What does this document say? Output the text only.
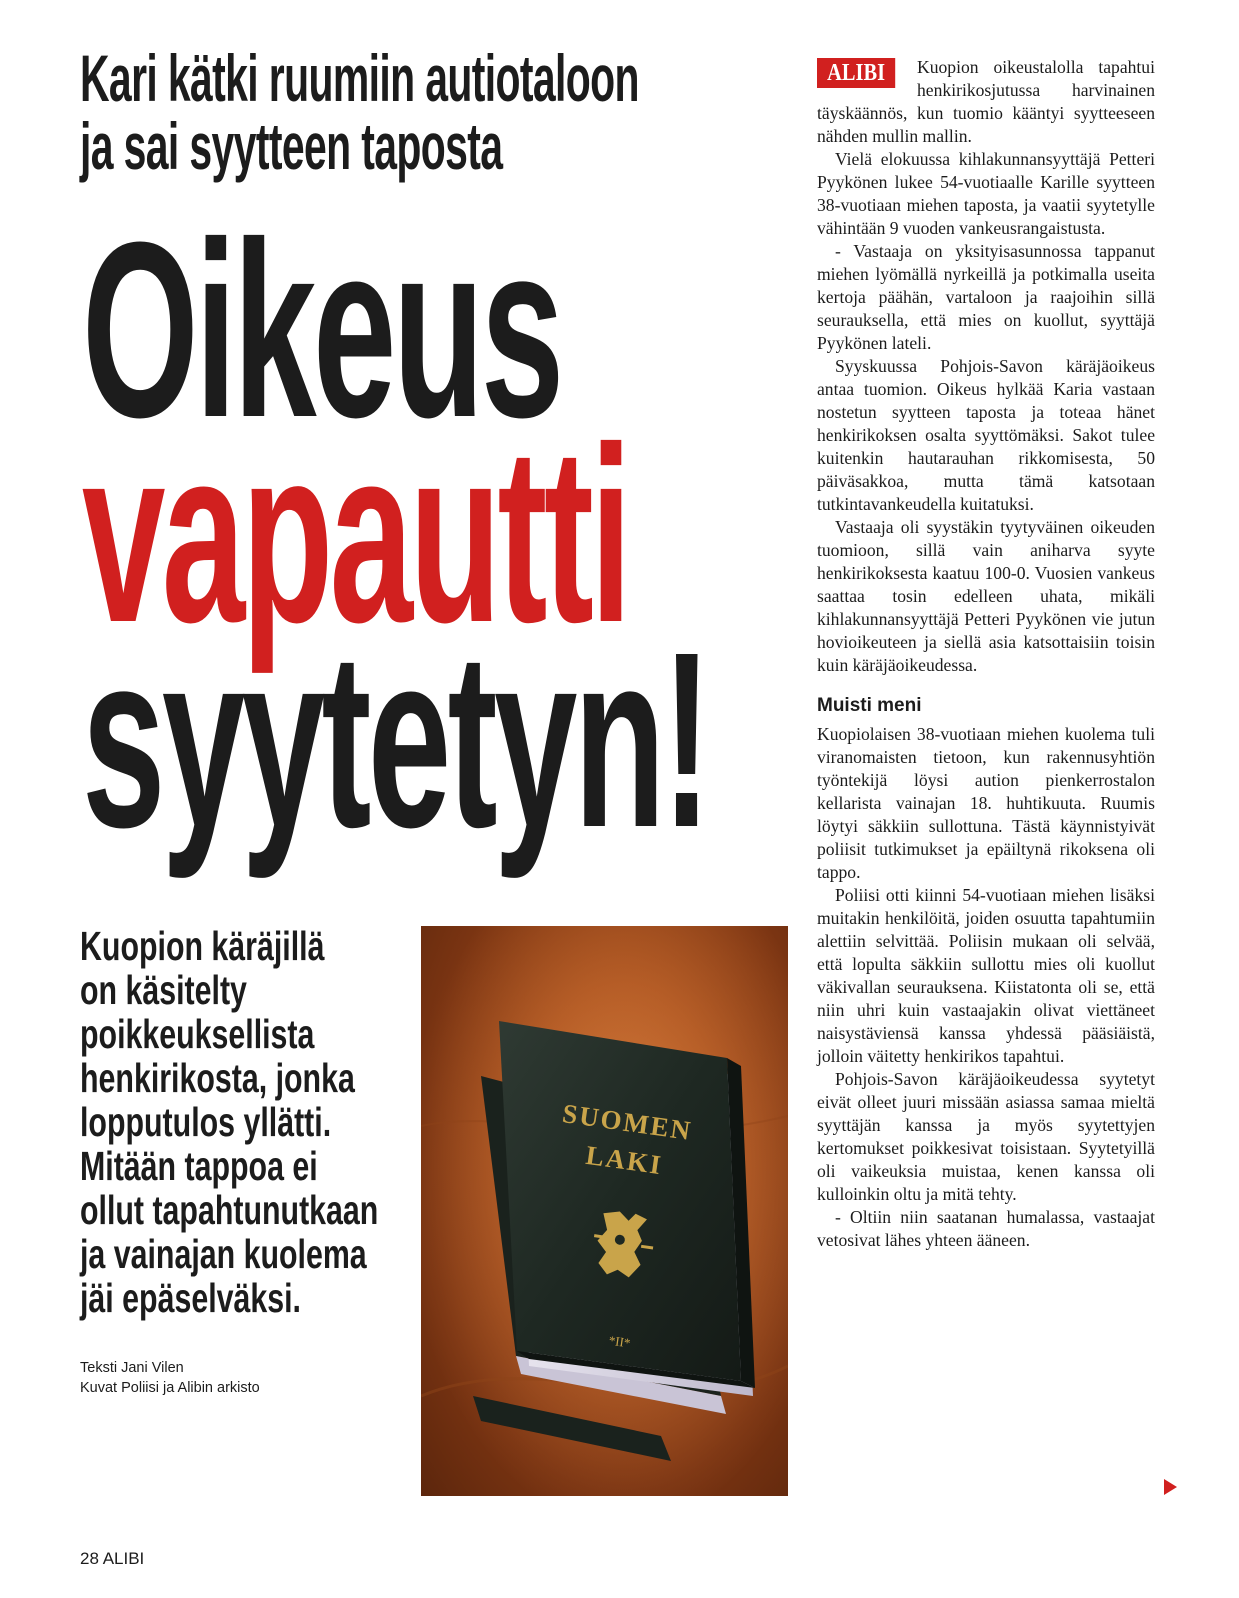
Kari kätki ruumiin autiotaloon
ja sai syytteen taposta
Oikeus
vapautti
syytetyn!
Kuopion käräjillä
on käsitelty
poikkeuksellista
henkirikosta, jonka
lopputulos yllätti.
Mitään tappoa ei
ollut tapahtunutkaan
ja vainajan kuolema
jäi epäselväksi.
Teksti Jani Vilen
Kuvat Poliisi ja Alibin arkisto
SUOMEN
LAKI
*II*

ALIBI	Kuopion oikeustalolla tapahtui henkirikosjutussa harvinainen täyskäännös, kun tuomio kääntyi syytteeseen nähden mullin mallin.

Vielä elokuussa kihlakunnansyyttäjä Petteri Pyykönen lukee 54-vuotiaalle Karille syytteen 38-vuotiaan miehen taposta, ja vaatii syytetylle vähintään 9 vuoden vankeusrangaistusta.

- Vastaaja on yksityisasunnossa tappanut miehen lyömällä nyrkeillä ja potkimalla useita kertoja päähän, vartaloon ja raajoihin sillä seurauksella, että mies on kuollut, syyttäjä Pyykönen lateli.

Syyskuussa Pohjois-Savon käräjäoikeus antaa tuomion. Oikeus hylkää Karia vastaan nostetun syytteen taposta ja toteaa hänet henkirikoksen osalta syyttömäksi. Sakot tulee kuitenkin hautarauhan rikkomisesta, 50 päiväsakkoa, mutta tämä katsotaan tutkintavankeudella kuitatuksi.

Vastaaja oli syystäkin tyytyväinen oikeuden tuomioon, sillä vain aniharva syyte henkirikoksesta kaatuu 100-0. Vuosien vankeus saattaa tosin edelleen uhata, mikäli kihlakunnansyyttäjä Petteri Pyykönen vie jutun hovioikeuteen ja siellä asia katsottaisiin toisin kuin käräjäoikeudessa.

Muisti meni

Kuopiolaisen 38-vuotiaan miehen kuolema tuli viranomaisten tietoon, kun rakennusyhtiön työntekijä löysi aution pienkerrostalon kellarista vainajan 18. huhtikuuta. Ruumis löytyi säkkiin sullottuna. Tästä käynnistyivät poliisit tutkimukset ja epäiltynä rikoksena oli tappo.

Poliisi otti kiinni 54-vuotiaan miehen lisäksi muitakin henkilöitä, joiden osuutta tapahtumiin alettiin selvittää. Poliisin mukaan oli selvää, että lopulta säkkiin sullottu mies oli kuollut väkivallan seurauksena. Kiistatonta oli se, että niin uhri kuin vastaajakin olivat viettäneet naisystäviensä kanssa yhdessä pääsiäistä, jolloin väitetty henkirikos tapahtui.

Pohjois-Savon käräjäoikeudessa syytetyt eivät olleet juuri missään asiassa samaa mieltä syyttäjän kanssa ja myös syytettyjen kertomukset poikkesivat toisistaan. Syytetyillä oli vaikeuksia muistaa, kenen kanssa oli kulloinkin oltu ja mitä tehty.

- Oltiin niin saatanan humalassa, vastaajat vetosivat lähes yhteen ääneen.

28 ALIBI
